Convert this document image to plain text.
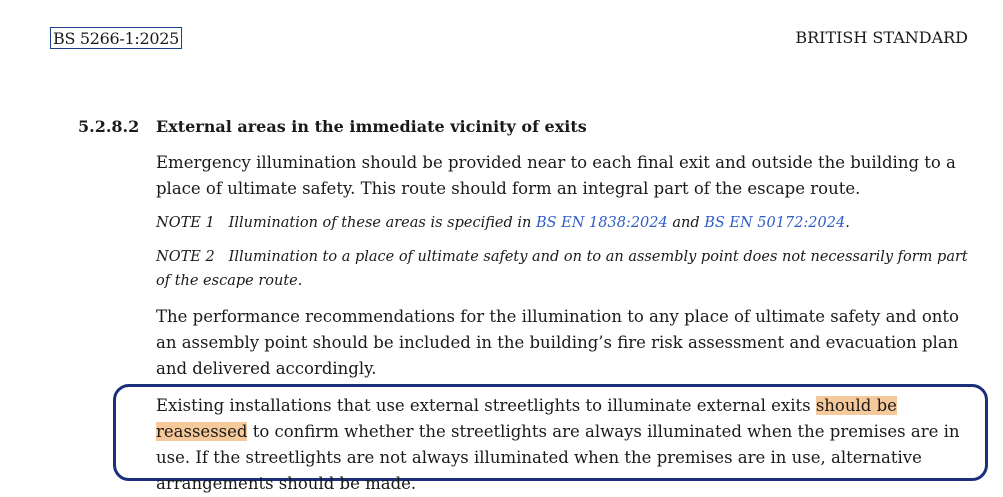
BS 5266-1:2025	BRITISH STANDARD
5.2.8.2 External areas in the immediate vicinity of exits

Emergency illumination should be provided near to each final exit and outside the building to a place of ultimate safety. This route should form an integral part of the escape route.

NOTE 1 Illumination of these areas is specified in BS EN 1838:2024 and BS EN 50172:2024.

NOTE 2 Illumination to a place of ultimate safety and on to an assembly point does not necessarily form part of the escape route.

The performance recommendations for the illumination to any place of ultimate safety and onto an assembly point should be included in the building’s fire risk assessment and evacuation plan and delivered accordingly.

Existing installations that use external streetlights to illuminate external exits should be reassessed to confirm whether the streetlights are always illuminated when the premises are in use. If the streetlights are not always illuminated when the premises are in use, alternative arrangements should be made.
